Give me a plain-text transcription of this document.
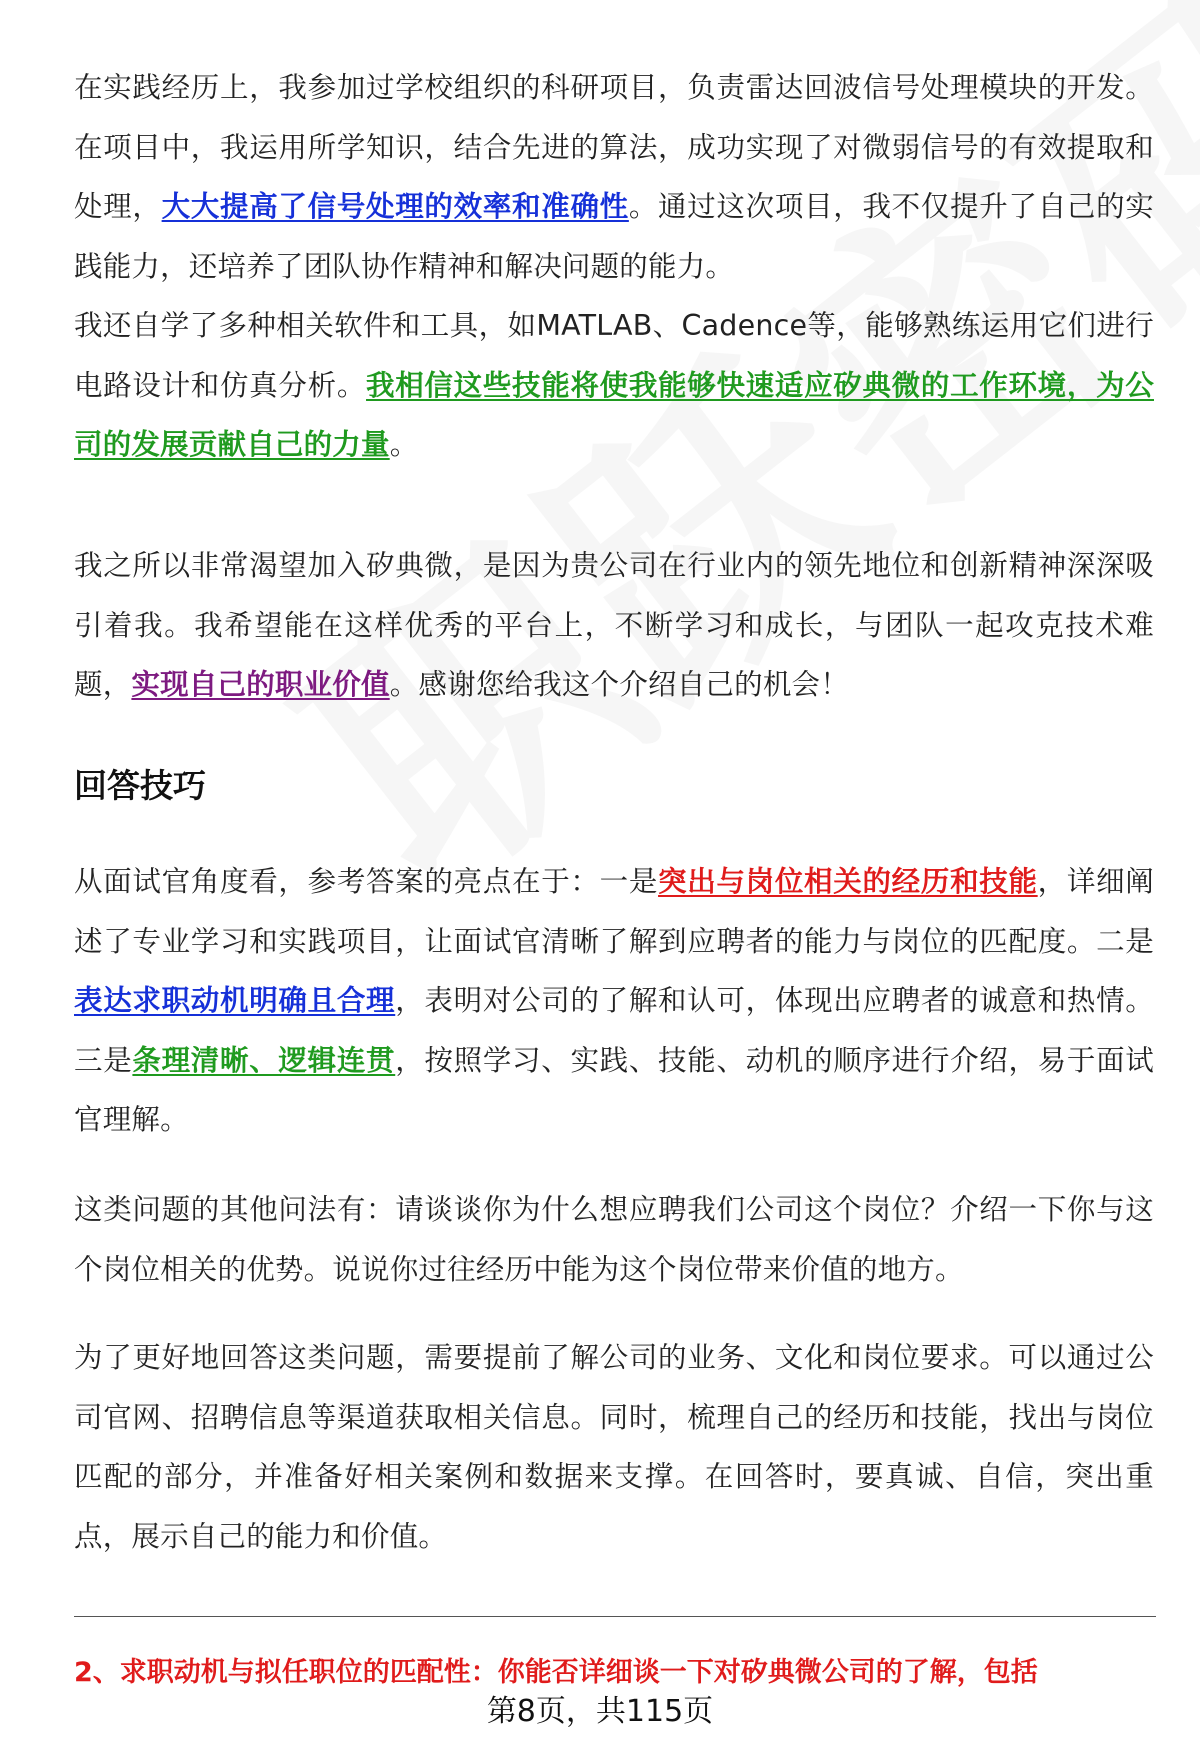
在实践经历上，我参加过学校组织的科研项目，负责雷达回波信号处理模块的开发。在项目中，我运用所学知识，结合先进的算法，成功实现了对微弱信号的有效提取和处理，大大提高了信号处理的效率和准确性。通过这次项目，我不仅提升了自己的实践能力，还培养了团队协作精神和解决问题的能力。

我还自学了多种相关软件和工具，如MATLAB、Cadence等，能够熟练运用它们进行电路设计和仿真分析。我相信这些技能将使我能够快速适应矽典微的工作环境，为公司的发展贡献自己的力量。

我之所以非常渴望加入矽典微，是因为贵公司在行业内的领先地位和创新精神深深吸引着我。我希望能在这样优秀的平台上，不断学习和成长，与团队一起攻克技术难题，实现自己的职业价值。感谢您给我这个介绍自己的机会！

回答技巧

从面试官角度看，参考答案的亮点在于：一是突出与岗位相关的经历和技能，详细阐述了专业学习和实践项目，让面试官清晰了解到应聘者的能力与岗位的匹配度。二是表达求职动机明确且合理，表明对公司的了解和认可，体现出应聘者的诚意和热情。三是条理清晰、逻辑连贯，按照学习、实践、技能、动机的顺序进行介绍，易于面试官理解。

这类问题的其他问法有：请谈谈你为什么想应聘我们公司这个岗位？介绍一下你与这个岗位相关的优势。说说你过往经历中能为这个岗位带来价值的地方。

为了更好地回答这类问题，需要提前了解公司的业务、文化和岗位要求。可以通过公司官网、招聘信息等渠道获取相关信息。同时，梳理自己的经历和技能，找出与岗位匹配的部分，并准备好相关案例和数据来支撑。在回答时，要真诚、自信，突出重点，展示自己的能力和价值。

2、求职动机与拟任职位的匹配性：你能否详细谈一下对矽典微公司的了解，包括
第8页，共115页
